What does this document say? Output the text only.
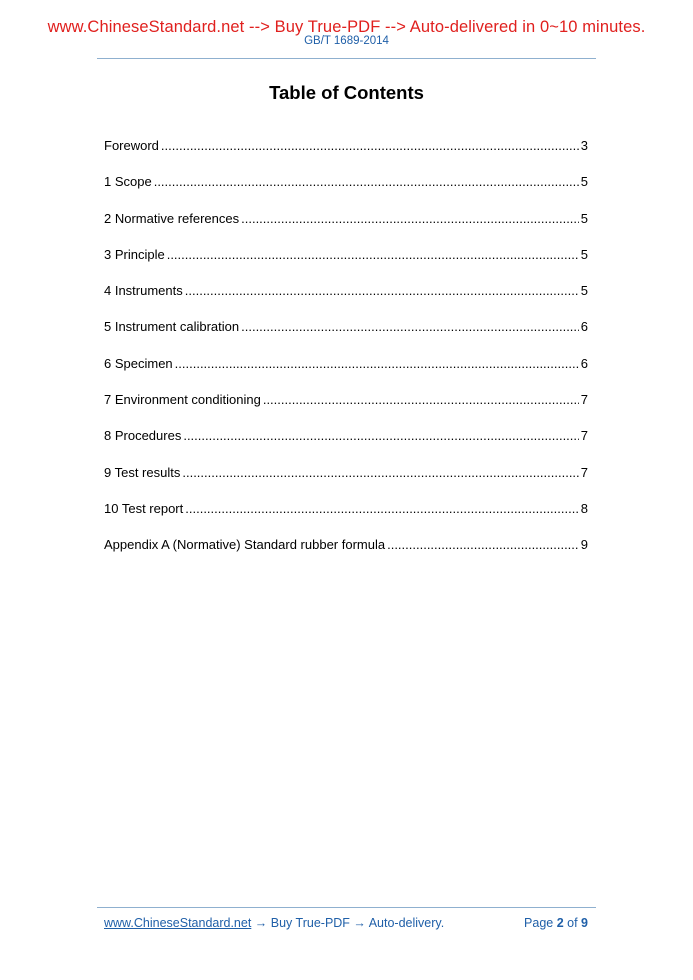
www.ChineseStandard.net --> Buy True-PDF --> Auto-delivered in 0~10 minutes.
GB/T 1689-2014
Table of Contents
Foreword .....	3
1 Scope .....	5
2 Normative references .....	5
3 Principle .....	5
4 Instruments .....	5
5 Instrument calibration .....	6
6 Specimen .....	6
7 Environment conditioning .....	7
8 Procedures .....	7
9 Test results .....	7
10 Test report .....	8
Appendix A (Normative) Standard rubber formula .....	9
www.ChineseStandard.net → Buy True-PDF → Auto-delivery.	Page 2 of 9
